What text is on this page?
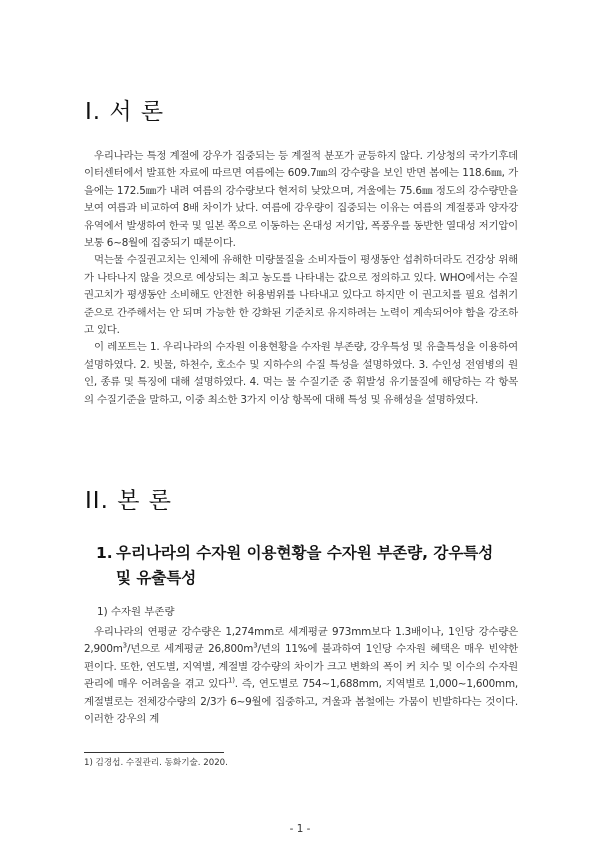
I. 서 론

우리나라는 특정 계절에 강우가 집중되는 등 계절적 분포가 균등하지 않다. 기상청의 국가기후데이터센터에서 발표한 자료에 따르면 여름에는 609.7㎜의 강수량을 보인 반면 봄에는 118.6㎜, 가을에는 172.5㎜가 내려 여름의 강수량보다 현저히 낮았으며, 겨울에는 75.6㎜ 정도의 강수량만을 보여 여름과 비교하여 8배 차이가 났다. 여름에 강우량이 집중되는 이유는 여름의 계절풍과 양자강 유역에서 발생하여 한국 및 일본 쪽으로 이동하는 온대성 저기압, 폭풍우를 동반한 열대성 저기압이 보통 6~8월에 집중되기 때문이다.

먹는물 수질권고치는 인체에 유해한 미량물질을 소비자들이 평생동안 섭취하더라도 건강상 위해가 나타나지 않을 것으로 예상되는 최고 농도를 나타내는 값으로 정의하고 있다. WHO에서는 수질권고치가 평생동안 소비해도 안전한 허용범위를 나타내고 있다고 하지만 이 권고치를 필요 섭취기준으로 간주해서는 안 되며 가능한 한 강화된 기준치로 유지하려는 노력이 계속되어야 함을 강조하고 있다.

이 레포트는 1. 우리나라의 수자원 이용현황을 수자원 부존량, 강우특성 및 유출특성을 이용하여 설명하였다. 2. 빗물, 하천수, 호소수 및 지하수의 수질 특성을 설명하였다. 3. 수인성 전염병의 원인, 종류 및 특징에 대해 설명하였다. 4. 먹는 물 수질기준 중 휘발성 유기물질에 해당하는 각 항목의 수질기준을 말하고, 이중 최소한 3가지 이상 항목에 대해 특성 및 유해성을 설명하였다.

II. 본 론
1. 우리나라의 수자원 이용현황을 수자원 부존량, 강우특성
및 유출특성
1) 수자원 부존량

우리나라의 연평균 강수량은 1,274mm로 세계평균 973mm보다 1.3배이나, 1인당 강수량은 $2,900m^3/$년으로 세계평균 $26,800m^3/$년의 11%에 불과하여 1인당 수자원 혜택은 매우 빈약한 편이다. 또한, 연도별, 지역별, 계절별 강수량의 차이가 크고 변화의 폭이 커 치수 및 이수의 수자원관리에 매우 어려움을 겪고 있다$^{1)}$. 즉, 연도별로 754~1,688mm, 지역별로 1,000~1,600mm, 계절별로는 전체강수량의 2/3가 6~9월에 집중하고, 겨울과 봄철에는 가뭄이 빈발하다는 것이다. 이러한 강우의 계

1) 김경섭. 수질관리. 동화기술. 2020.
- 1 -
